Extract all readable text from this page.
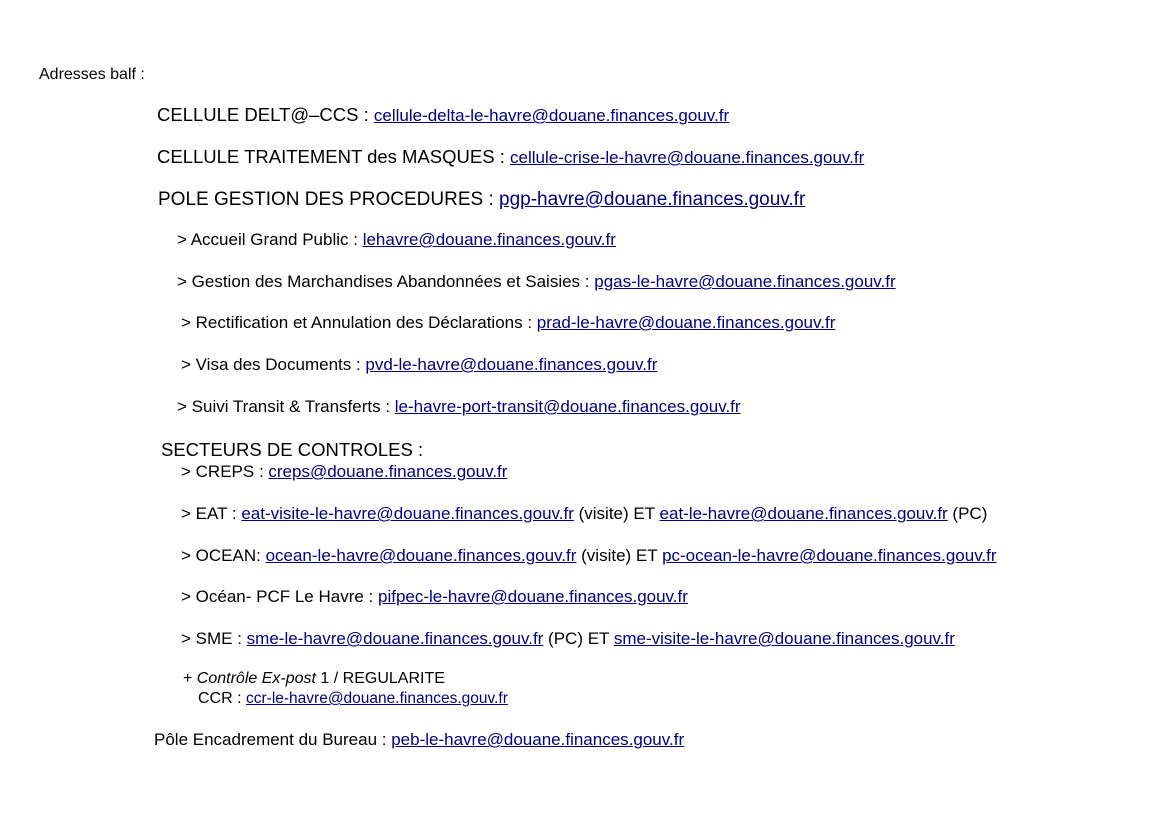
Adresses balf :
CELLULE DELT@–CCS : cellule-delta-le-havre@douane.finances.gouv.fr
CELLULE TRAITEMENT des MASQUES : cellule-crise-le-havre@douane.finances.gouv.fr
POLE GESTION DES PROCEDURES : pgp-havre@douane.finances.gouv.fr
> Accueil Grand Public : lehavre@douane.finances.gouv.fr
> Gestion des Marchandises Abandonnées et Saisies : pgas-le-havre@douane.finances.gouv.fr
> Rectification et Annulation des Déclarations : prad-le-havre@douane.finances.gouv.fr
> Visa des Documents : pvd-le-havre@douane.finances.gouv.fr
> Suivi Transit & Transferts : le-havre-port-transit@douane.finances.gouv.fr
SECTEURS DE CONTROLES :
> CREPS : creps@douane.finances.gouv.fr
> EAT : eat-visite-le-havre@douane.finances.gouv.fr (visite) ET eat-le-havre@douane.finances.gouv.fr (PC)
> OCEAN: ocean-le-havre@douane.finances.gouv.fr (visite) ET pc-ocean-le-havre@douane.finances.gouv.fr
> Océan- PCF Le Havre : pifpec-le-havre@douane.finances.gouv.fr
> SME : sme-le-havre@douane.finances.gouv.fr (PC) ET sme-visite-le-havre@douane.finances.gouv.fr
+ Contrôle Ex-post 1 / REGULARITE
CCR : ccr-le-havre@douane.finances.gouv.fr
Pôle Encadrement du Bureau : peb-le-havre@douane.finances.gouv.fr
